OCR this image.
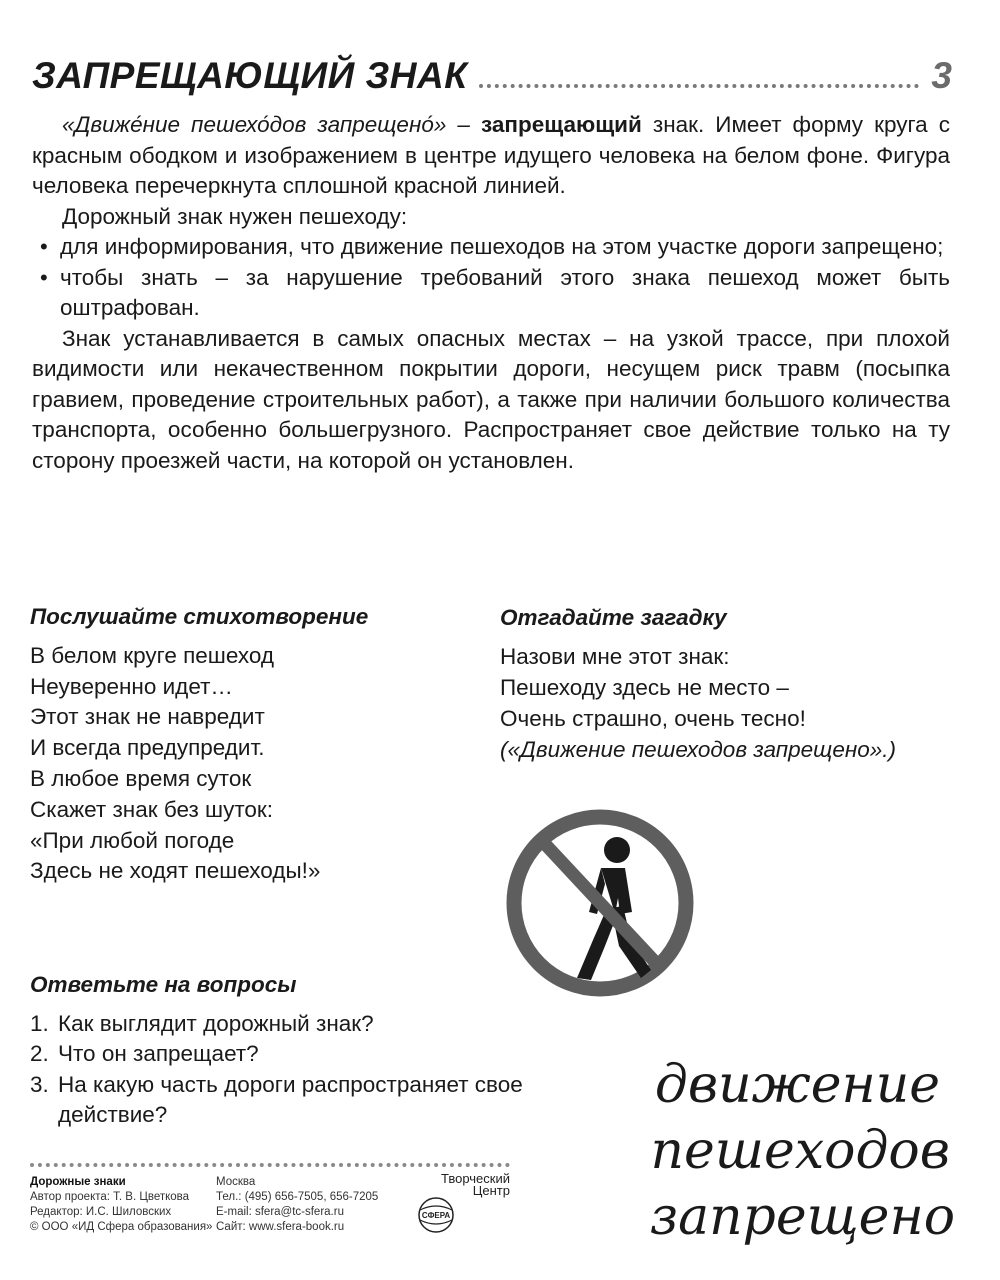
ЗАПРЕЩАЮЩИЙ ЗНАК	3

«Движе́ние пешехо́дов запрещено́» – запрещающий знак. Имеет форму круга с красным ободком и изображением в центре идущего человека на белом фоне. Фигура человека перечеркнута сплошной красной линией.

Дорожный знак нужен пешеходу:

• для информирования, что движение пешеходов на этом участке дороги запрещено;
• чтобы знать – за нарушение требований этого знака пешеход может быть оштрафован.

Знак устанавливается в самых опасных местах – на узкой трассе, при плохой видимости или некачественном покрытии дороги, несущем риск травм (посыпка гравием, проведение строительных работ), а также при наличии большого количества транспорта, особенно большегрузного. Распространяет свое действие только на ту сторону проезжей части, на которой он установлен.

Послушайте стихотворение
В белом круге пешеход
Неуверенно идет…
Этот знак не навредит
И всегда предупредит.
В любое время суток
Скажет знак без шуток:
«При любой погоде
Здесь не ходят пешеходы!»
Отгадайте загадку
Назови мне этот знак:
Пешеходу здесь не место –
Очень страшно, очень тесно!
(«Движение пешеходов запрещено».)
Ответьте на вопросы
1. Как выглядит дорожный знак?
2. Что он запрещает?
3. На какую часть дороги распространяет свое действие?	движение
пешеходов
запрещено
Дорожные знаки
Автор проекта: Т. В. Цветкова
Редактор: И.С. Шиловских
© ООО «ИД Сфера образования»
Москва
Тел.: (495) 656-7505, 656-7205
E-mail: sfera@tc-sfera.ru
Сайт: www.sfera-book.ru
Творческий
Центр
СФЕРА
